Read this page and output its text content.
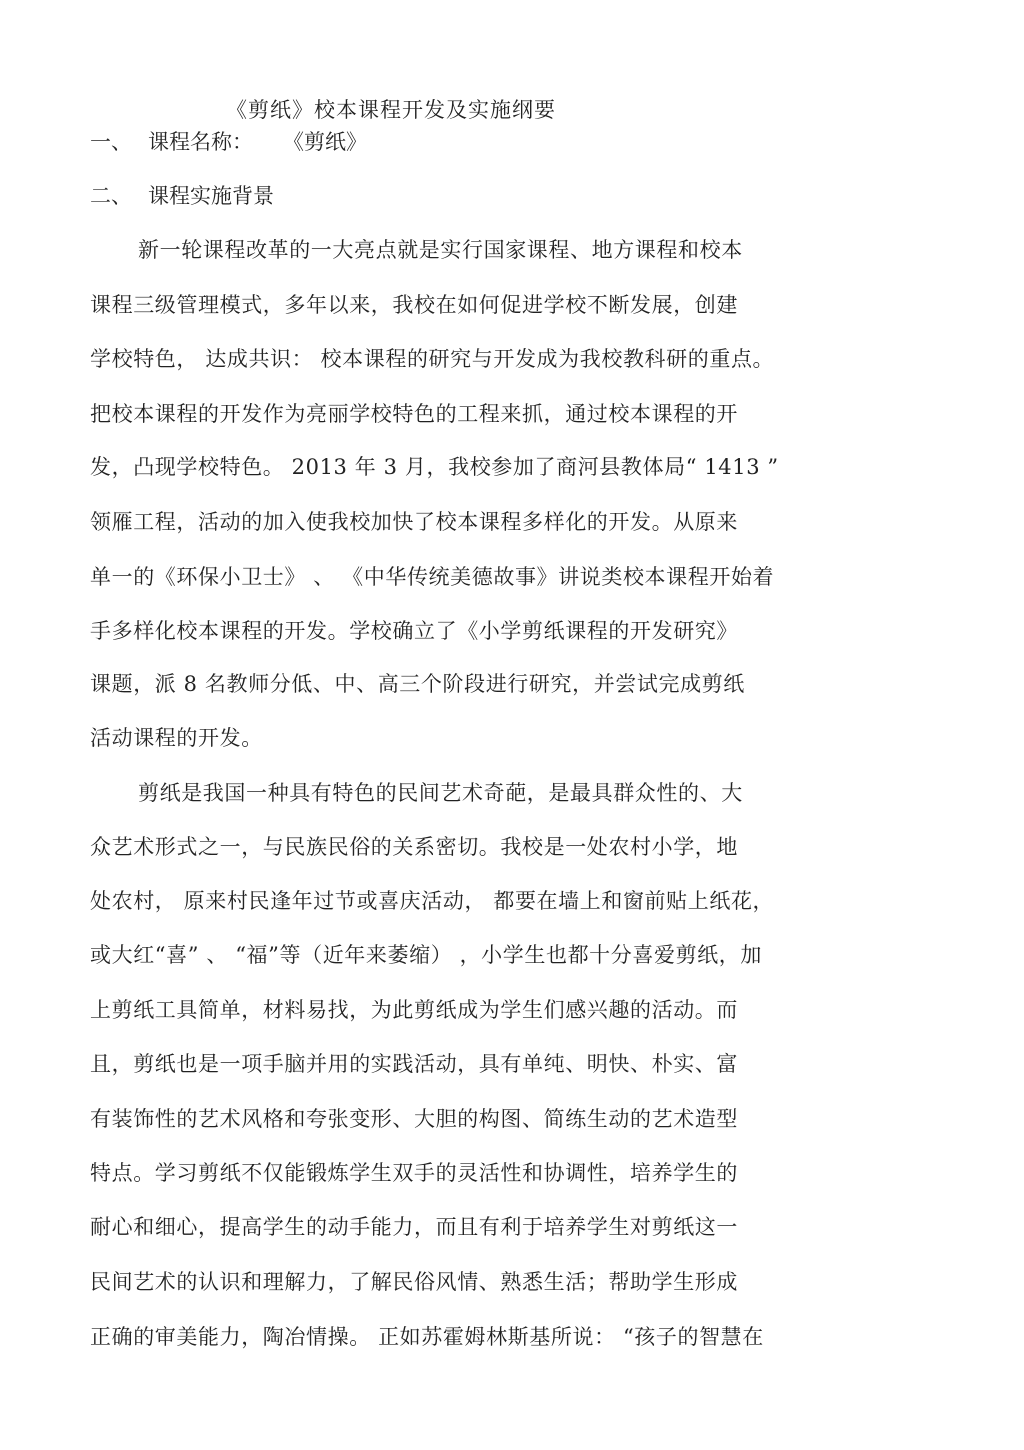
《剪纸》校本课程开发及实施纲要
一、 课程名称： 《剪纸》
二、 课程实施背景
新一轮课程改革的一大亮点就是实行国家课程、地方课程和校本
课程三级管理模式，多年以来，我校在如何促进学校不断发展，创建
学校特色， 达成共识： 校本课程的研究与开发成为我校教科研的重点。
把校本课程的开发作为亮丽学校特色的工程来抓，通过校本课程的开
发，凸现学校特色。 2013 年 3 月，我校参加了商河县教体局“ 1413 ”
领雁工程，活动的加入使我校加快了校本课程多样化的开发。从原来
单一的《环保小卫士》 、 《中华传统美德故事》讲说类校本课程开始着
手多样化校本课程的开发。学校确立了《小学剪纸课程的开发研究》
课题，派 8 名教师分低、中、高三个阶段进行研究，并尝试完成剪纸
活动课程的开发。
剪纸是我国一种具有特色的民间艺术奇葩，是最具群众性的、大
众艺术形式之一，与民族民俗的关系密切。我校是一处农村小学，地
处农村， 原来村民逢年过节或喜庆活动， 都要在墙上和窗前贴上纸花，
或大红“喜” 、 “福”等（近年来萎缩） ，小学生也都十分喜爱剪纸，加
上剪纸工具简单，材料易找，为此剪纸成为学生们感兴趣的活动。而
且，剪纸也是一项手脑并用的实践活动，具有单纯、明快、朴实、富
有装饰性的艺术风格和夸张变形、大胆的构图、简练生动的艺术造型
特点。学习剪纸不仅能锻炼学生双手的灵活性和协调性，培养学生的
耐心和细心，提高学生的动手能力，而且有利于培养学生对剪纸这一
民间艺术的认识和理解力，了解民俗风情、熟悉生活；帮助学生形成
正确的审美能力，陶冶情操。 正如苏霍姆林斯基所说： “孩子的智慧在
